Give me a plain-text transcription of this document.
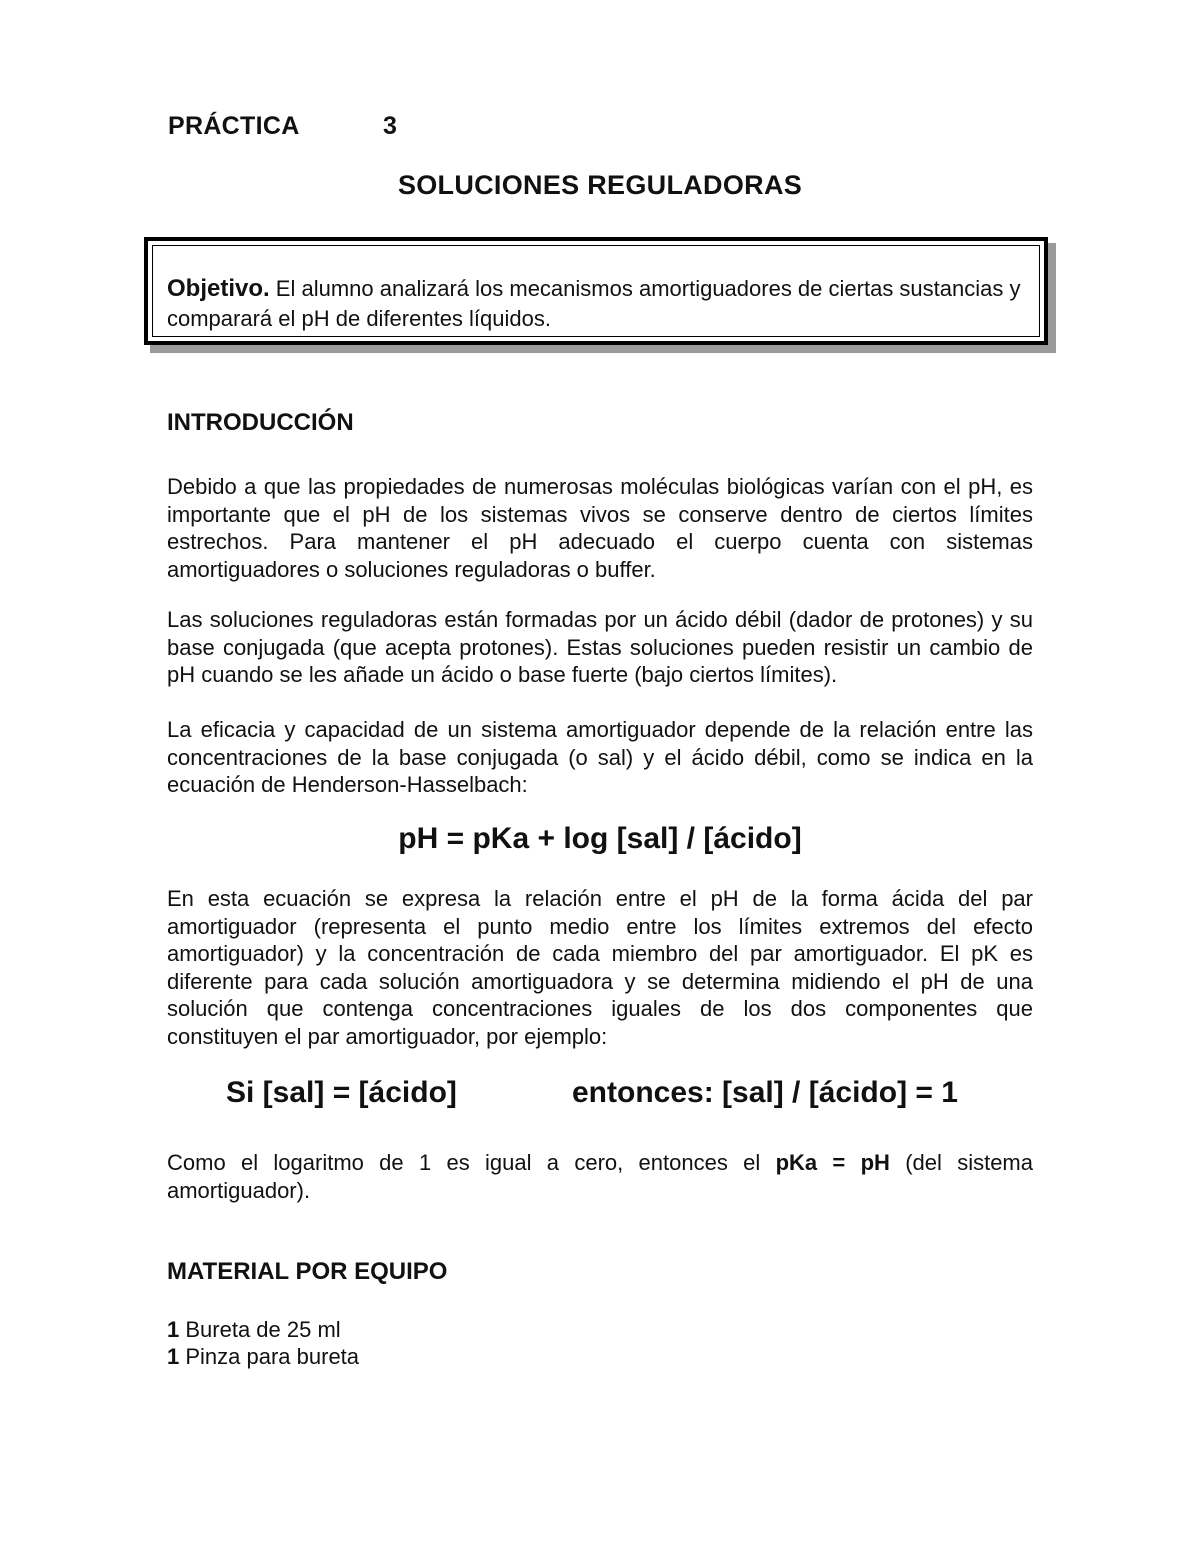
PRÁCTICA	3
SOLUCIONES REGULADORAS
Objetivo. El alumno analizará los mecanismos amortiguadores de ciertas sustancias y comparará el pH de diferentes líquidos.
INTRODUCCIÓN
Debido a que las propiedades de numerosas moléculas biológicas varían con el pH, es importante que el pH de los sistemas vivos se conserve dentro de ciertos límites estrechos. Para mantener el pH adecuado el cuerpo cuenta con sistemas amortiguadores o soluciones reguladoras o buffer.
Las soluciones reguladoras están formadas por un ácido débil (dador de protones) y su base conjugada (que acepta protones). Estas soluciones pueden resistir un cambio de pH cuando se les añade un ácido o base fuerte (bajo ciertos límites).
La eficacia y capacidad de un sistema amortiguador depende de la relación entre las concentraciones de la base conjugada (o sal) y el ácido débil, como se indica en la ecuación de Henderson-Hasselbach:
pH = pKa + log [sal] / [ácido]
En esta ecuación se expresa la relación entre el pH de la forma ácida del par amortiguador (representa el punto medio entre los límites extremos del efecto amortiguador) y la concentración de cada miembro del par amortiguador. El pK es diferente para cada solución amortiguadora y se determina midiendo el pH de una solución que contenga concentraciones iguales de los dos componentes que constituyen el par amortiguador, por ejemplo:
Si [sal] = [ácido]	entonces: [sal] / [ácido] = 1
Como el logaritmo de 1 es igual a cero, entonces el pKa = pH (del sistema amortiguador).
MATERIAL POR EQUIPO
1 Bureta de 25 ml
1 Pinza para bureta
